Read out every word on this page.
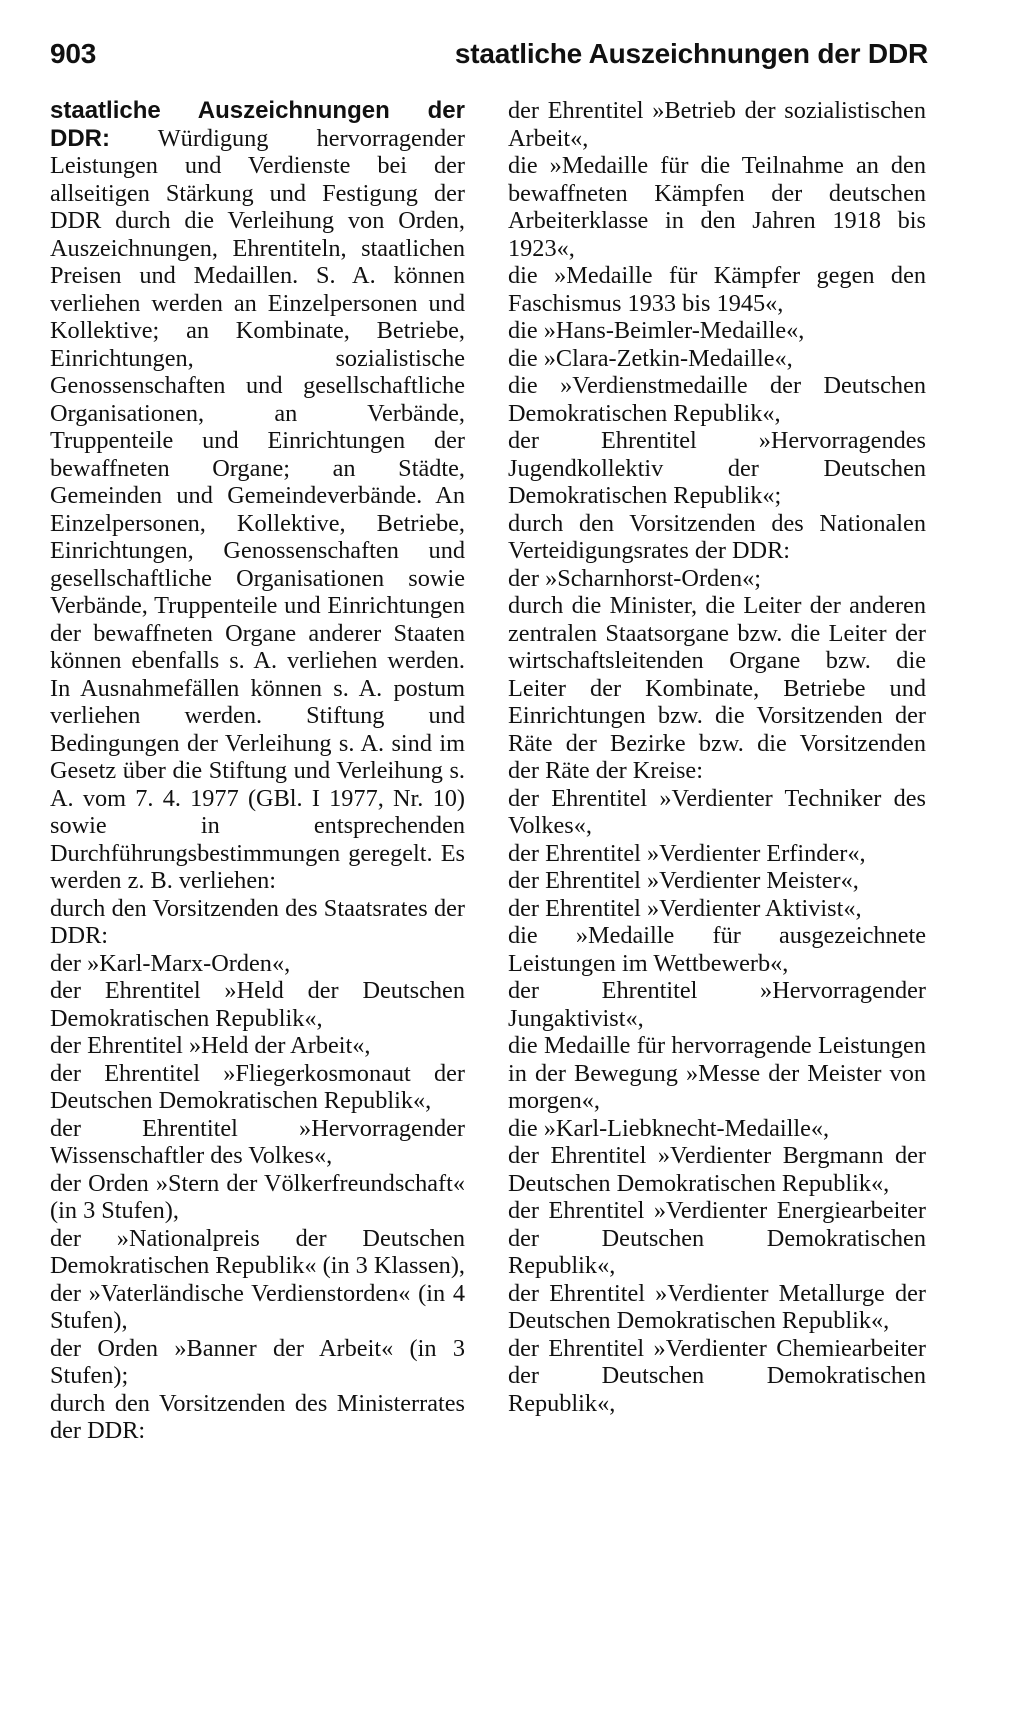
903	staatliche Auszeichnungen der DDR

staatliche Auszeichnungen der DDR: Würdigung hervorragender Leistungen und Verdienste bei der allseitigen Stärkung und Festigung der DDR durch die Verleihung von Orden, Auszeichnungen, Ehrentiteln, staatlichen Preisen und Medaillen. S. A. können verliehen werden an Einzelpersonen und Kollektive; an Kombinate, Betriebe, Einrichtungen, sozialistische Genossenschaften und gesellschaftliche Organisationen, an Verbände, Truppenteile und Einrichtungen der bewaffneten Organe; an Städte, Gemeinden und Gemeindeverbände. An Einzelpersonen, Kollektive, Betriebe, Einrichtungen, Genossenschaften und gesellschaftliche Organisationen sowie Verbände, Truppenteile und Einrichtungen der bewaffneten Organe anderer Staaten können ebenfalls s. A. verliehen werden. In Ausnahmefällen können s. A. postum verliehen werden. Stiftung und Bedingungen der Verleihung s. A. sind im Gesetz über die Stiftung und Verleihung s. A. vom 7. 4. 1977 (GBl. I 1977, Nr. 10) sowie in entsprechenden Durchführungsbestimmungen geregelt. Es werden z. B. verliehen:

durch den Vorsitzenden des Staatsrates der DDR:
der »Karl-Marx-Orden«,
der Ehrentitel »Held der Deutschen Demokratischen Republik«,
der Ehrentitel »Held der Arbeit«,
der Ehrentitel »Fliegerkosmonaut der Deutschen Demokratischen Republik«,
der Ehrentitel »Hervorragender Wissenschaftler des Volkes«,
der Orden »Stern der Völkerfreundschaft« (in 3 Stufen),
der »Nationalpreis der Deutschen Demokratischen Republik« (in 3 Klassen),
der »Vaterländische Verdienstorden« (in 4 Stufen),
der Orden »Banner der Arbeit« (in 3 Stufen);
durch den Vorsitzenden des Ministerrates der DDR:
der Ehrentitel »Betrieb der sozialistischen Arbeit«,
die »Medaille für die Teilnahme an den bewaffneten Kämpfen der deutschen Arbeiterklasse in den Jahren 1918 bis 1923«,
die »Medaille für Kämpfer gegen den Faschismus 1933 bis 1945«,
die »Hans-Beimler-Medaille«,
die »Clara-Zetkin-Medaille«,
die »Verdienstmedaille der Deutschen Demokratischen Republik«,
der Ehrentitel »Hervorragendes Jugendkollektiv der Deutschen Demokratischen Republik«;
durch den Vorsitzenden des Nationalen Verteidigungsrates der DDR:
der »Scharnhorst-Orden«;
durch die Minister, die Leiter der anderen zentralen Staatsorgane bzw. die Leiter der wirtschaftsleitenden Organe bzw. die Leiter der Kombinate, Betriebe und Einrichtungen bzw. die Vorsitzenden der Räte der Bezirke bzw. die Vorsitzenden der Räte der Kreise:
der Ehrentitel »Verdienter Techniker des Volkes«,
der Ehrentitel »Verdienter Erfinder«,
der Ehrentitel »Verdienter Meister«,
der Ehrentitel »Verdienter Aktivist«,
die »Medaille für ausgezeichnete Leistungen im Wettbewerb«,
der Ehrentitel »Hervorragender Jungaktivist«,
die Medaille für hervorragende Leistungen in der Bewegung »Messe der Meister von morgen«,
die »Karl-Liebknecht-Medaille«,
der Ehrentitel »Verdienter Bergmann der Deutschen Demokratischen Republik«,
der Ehrentitel »Verdienter Energiearbeiter der Deutschen Demokratischen Republik«,
der Ehrentitel »Verdienter Metallurge der Deutschen Demokratischen Republik«,
der Ehrentitel »Verdienter Chemiearbeiter der Deutschen Demokratischen Republik«,
